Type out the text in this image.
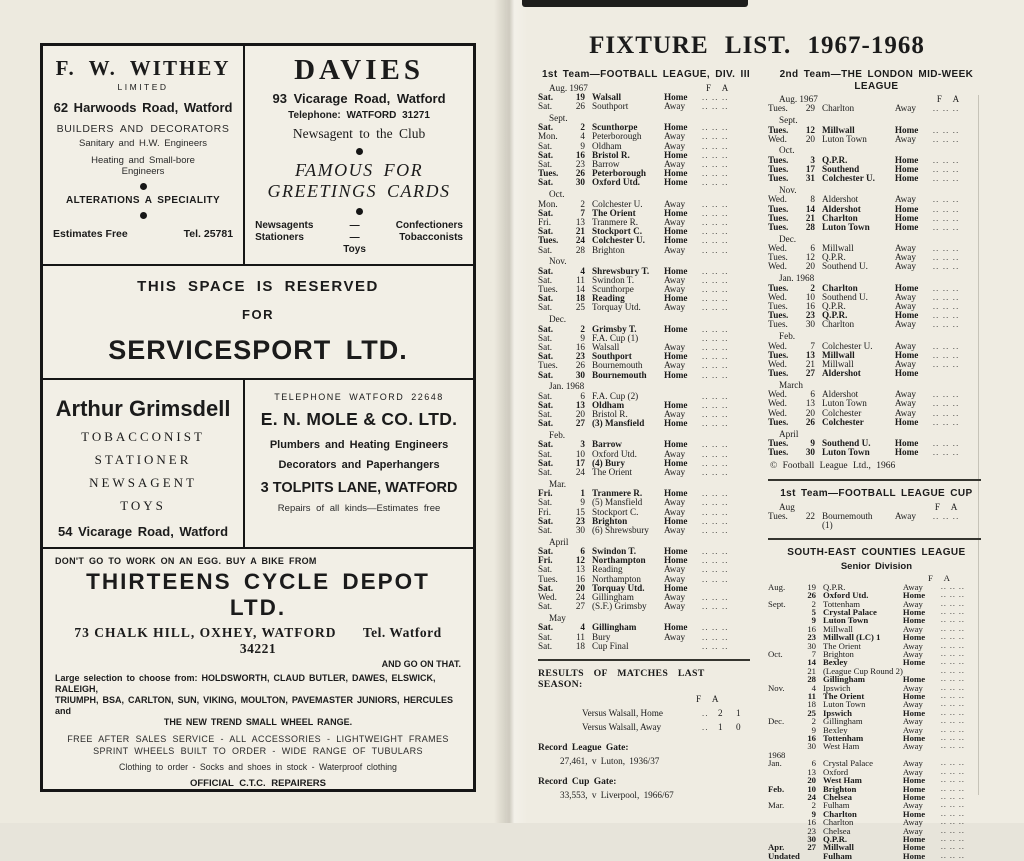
F. W. WITHEY
LIMITED
62 Harwoods Road, Watford
BUILDERS AND DECORATORS
Sanitary and H.W. Engineers
Heating and Small-bore
Engineers
ALTERATIONS A SPECIALITY
Estimates Free	Tel. 25781
DAVIES
93 Vicarage Road, Watford
Telephone: WATFORD 31271
Newsagent to the Club
FAMOUS FOR
GREETINGS CARDS
Newsagents
Stationers
—
—
Toys
Confectioners
Tobacconists
THIS SPACE IS RESERVED
FOR
SERVICESPORT LTD.
Arthur Grimsdell
TOBACCONIST
STATIONER
NEWSAGENT
TOYS
54 Vicarage Road, Watford
TELEPHONE WATFORD 22648
E. N. MOLE & CO. LTD.
Plumbers and Heating Engineers
Decorators and Paperhangers
3 TOLPITS LANE, WATFORD
Repairs of all kinds—Estimates free
DON'T GO TO WORK ON AN EGG. BUY A BIKE FROM
THIRTEENS CYCLE DEPOT LTD.
73 CHALK HILL, OXHEY, WATFORD Tel. Watford 34221
AND GO ON THAT.
Large selection to choose from: HOLDSWORTH, CLAUD BUTLER, DAWES, ELSWICK, RALEIGH,
TRIUMPH, BSA, CARLTON, SUN, VIKING, MOULTON, PAVEMASTER JUNIORS, HERCULES and
THE NEW TREND SMALL WHEEL RANGE.
FREE AFTER SALES SERVICE - ALL ACCESSORIES - LIGHTWEIGHT FRAMES
SPRINT WHEELS BUILT TO ORDER - WIDE RANGE OF TUBULARS
Clothing to order - Socks and shoes in stock - Waterproof clothing
OFFICIAL C.T.C. REPAIRERS
FIXTURE LIST. 1967-1968
1st Team—FOOTBALL LEAGUE, DIV. III
Aug. 1967	F A
Sat.	19 Walsall	Home	.. .. ..
Sat.	26 Southport	Away	.. .. ..
Sept.
Sat.	2 Scunthorpe	Home	.. .. ..
Mon.	4 Peterborough	Away	.. .. ..
Sat.	9 Oldham	Away	.. .. ..
Sat.	16 Bristol R.	Home	.. .. ..
Sat.	23 Barrow	Away	.. .. ..
Tues.	26 Peterborough	Home	.. .. ..
Sat.	30 Oxford Utd.	Home	.. .. ..
Oct.
Mon.	2 Colchester U.	Away	.. .. ..
Sat.	7 The Orient	Home	.. .. ..
Fri.	13 Tranmere R.	Away	.. .. ..
Sat.	21 Stockport C.	Home	.. .. ..
Tues.	24 Colchester U.	Home	.. .. ..
Sat.	28 Brighton	Away	.. .. ..
Nov.
Sat.	4 Shrewsbury T.	Home	.. .. ..
Sat.	11 Swindon T.	Away	.. .. ..
Tues.	14 Scunthorpe	Away	.. .. ..
Sat.	18 Reading	Home	.. .. ..
Sat.	25 Torquay Utd.	Away	.. .. ..
Dec.
Sat.	2 Grimsby T.	Home	.. .. ..
Sat.	9 F.A. Cup (1)	.. .. ..
Sat.	16 Walsall	Away	.. .. ..
Sat.	23 Southport	Home	.. .. ..
Tues.	26 Bournemouth	Away	.. .. ..
Sat.	30 Bournemouth	Home	.. .. ..
Jan. 1968
Sat.	6 F.A. Cup (2)	.. .. ..
Sat.	13 Oldham	Home	.. .. ..
Sat.	20 Bristol R.	Away	.. .. ..
Sat.	27 (3) Mansfield	Home	.. .. ..
Feb.
Sat.	3 Barrow	Home	.. .. ..
Sat.	10 Oxford Utd.	Away	.. .. ..
Sat.	17 (4) Bury	Home	.. .. ..
Sat.	24 The Orient	Away	.. .. ..
Mar.
Fri.	1 Tranmere R.	Home	.. .. ..
Sat.	9 (5) Mansfield	Away	.. .. ..
Fri.	15 Stockport C.	Away	.. .. ..
Sat.	23 Brighton	Home	.. .. ..
Sat.	30 (6) Shrewsbury	Away	.. .. ..
April
Sat.	6 Swindon T.	Home	.. .. ..
Fri.	12 Northampton	Home	.. .. ..
Sat.	13 Reading	Away	.. .. ..
Tues.	16 Northampton	Away	.. .. ..
Sat.	20 Torquay Utd.	Home
Wed.	24 Gillingham	Away	.. .. ..
Sat.	27 (S.F.) Grimsby	Away	.. .. ..
May
Sat.	4 Gillingham	Home	.. .. ..
Sat.	11 Bury	Away	.. .. ..
Sat.	18 Cup Final	.. .. ..
RESULTS OF MATCHES LAST SEASON:
F A
Versus Walsall, Home	..	2	1
Versus Walsall, Away	..	1	0
Record League Gate:
27,461, v Luton, 1936/37
Record Cup Gate:
33,553, v Liverpool, 1966/67
2nd Team—THE LONDON MID-WEEK
LEAGUE
Aug. 1967	F A
Tues.	29 Charlton	Away	.. .. ..
Sept.
Tues.	12 Millwall	Home	.. .. ..
Wed.	20 Luton Town	Away	.. .. ..
Oct.
Tues.	3 Q.P.R.	Home	.. .. ..
Tues.	17 Southend	Home	.. .. ..
Tues.	31 Colchester U.	Home	.. .. ..
Nov.
Wed.	8 Aldershot	Away	.. .. ..
Tues.	14 Aldershot	Home	.. .. ..
Tues.	21 Charlton	Home	.. .. ..
Tues.	28 Luton Town	Home	.. .. ..
Dec.
Wed.	6 Millwall	Away	.. .. ..
Tues.	12 Q.P.R.	Away	.. .. ..
Wed.	20 Southend U.	Away	.. .. ..
Jan. 1968
Tues.	2 Charlton	Home	.. .. ..
Wed.	10 Southend U.	Away	.. .. ..
Tues.	16 Q.P.R.	Away	.. .. ..
Tues.	23 Q.P.R.	Home	.. .. ..
Tues.	30 Charlton	Away	.. .. ..
Feb.
Wed.	7 Colchester U.	Away	.. .. ..
Tues.	13 Millwall	Home	.. .. ..
Wed.	21 Millwall	Away	.. .. ..
Tues.	27 Aldershot	Home
March
Wed.	6 Aldershot	Away	.. .. ..
Wed.	13 Luton Town	Away	.. .. ..
Wed.	20 Colchester	Away	.. .. ..
Tues.	26 Colchester	Home	.. .. ..
April
Tues.	9 Southend U.	Home	.. .. ..
Tues.	30 Luton Town	Home	.. .. ..
© Football League Ltd., 1966
1st Team—FOOTBALL LEAGUE CUP
Aug	F A
Tues.	22 Bournemouth	Away	.. .. ..
(1)
SOUTH-EAST COUNTIES LEAGUE
Senior Division
F A
Aug.	19 Q.P.R.	Away	.. .. ..
26 Oxford Utd.	Home	.. .. ..
Sept.	2 Tottenham	Away	.. .. ..
5 Crystal Palace	Home	.. .. ..
9 Luton Town	Home	.. .. ..
16 Millwall	Away	.. .. ..
23 Millwall (LC) 1	Home	.. .. ..
30 The Orient	Away	.. .. ..
Oct.	7 Brighton	Away	.. .. ..
14 Bexley	Home	.. .. ..
21 (League Cup Round 2)	.. .. ..
28 Gillingham	Home	.. .. ..
Nov.	4 Ipswich	Away	.. .. ..
11 The Orient	Home	.. .. ..
18 Luton Town	Away	.. .. ..
25 Ipswich	Home	.. .. ..
Dec.	2 Gillingham	Away	.. .. ..
9 Bexley	Away	.. .. ..
16 Tottenham	Home	.. .. ..
30 West Ham	Away	.. .. ..
1968
Jan.	6 Crystal Palace	Away	.. .. ..
13 Oxford	Away	.. .. ..
20 West Ham	Home	.. .. ..
Feb.	10 Brighton	Home	.. .. ..
24 Chelsea	Home	.. .. ..
Mar.	2 Fulham	Away	.. .. ..
9 Charlton	Home	.. .. ..
16 Charlton	Away	.. .. ..
23 Chelsea	Away	.. .. ..
30 Q.P.R.	Home	.. .. ..
Apr.	27 Millwall	Home	.. .. ..
Undated	Fulham	Home	.. .. ..
